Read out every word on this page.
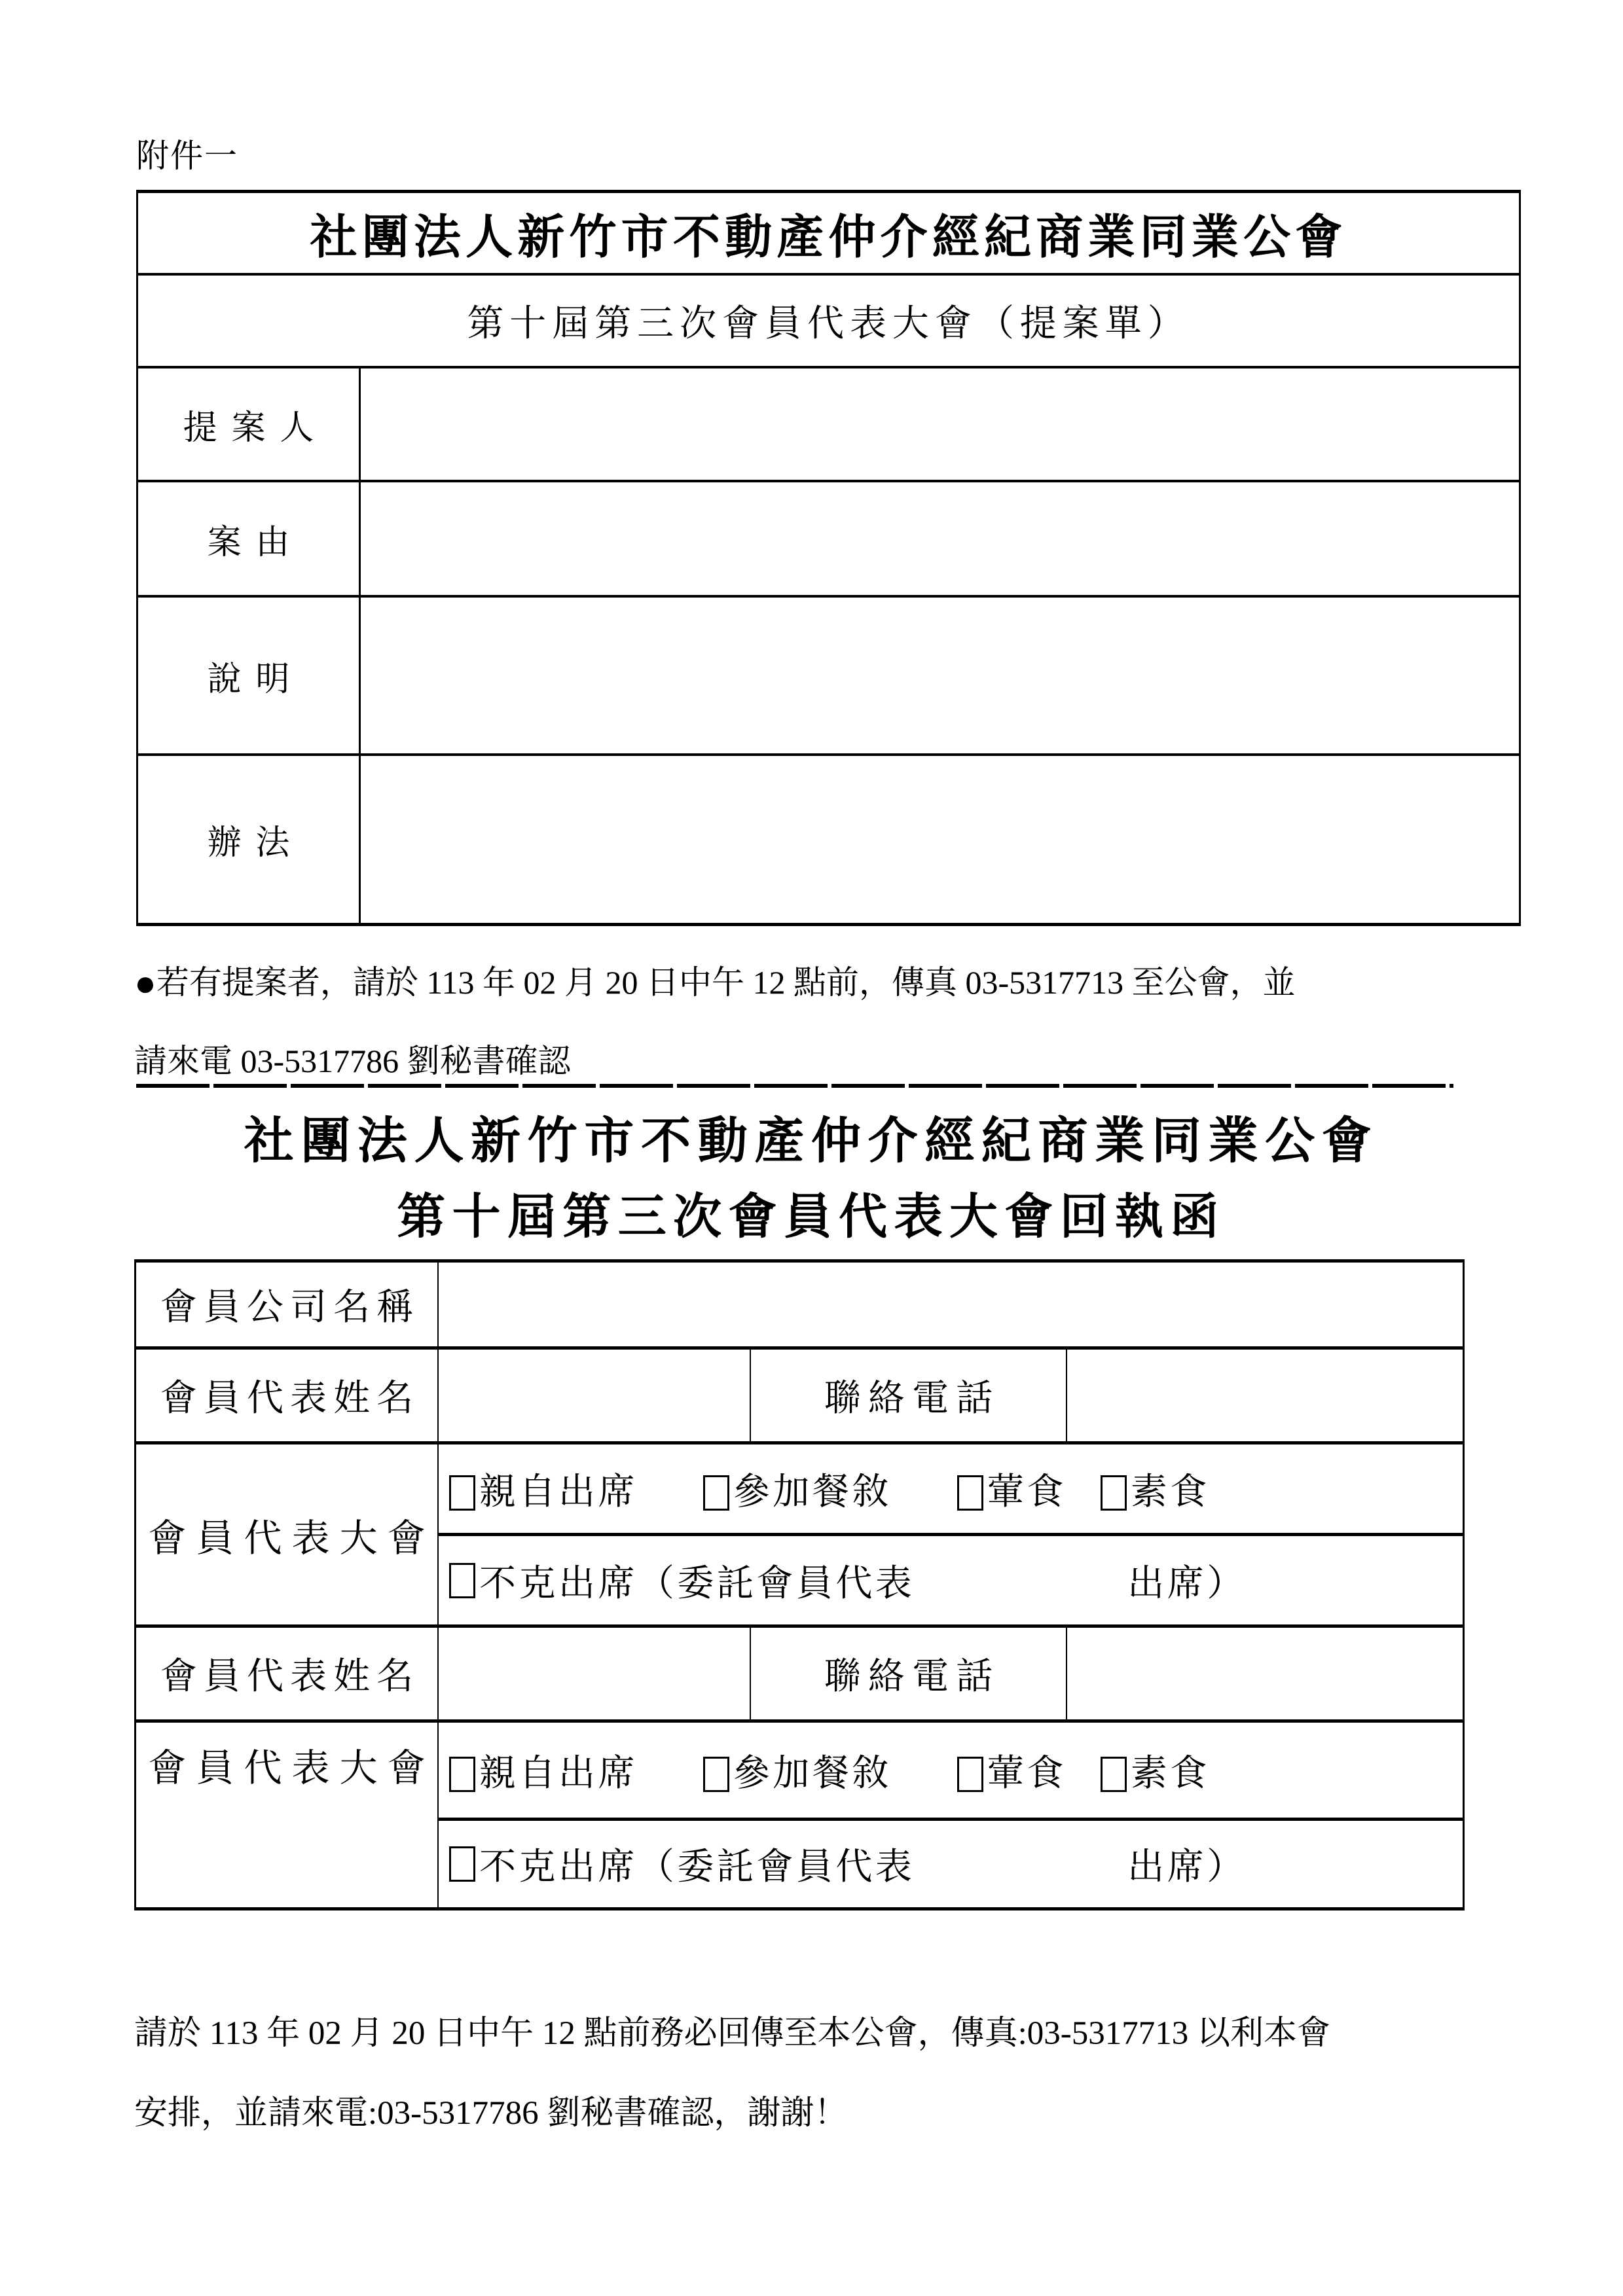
附件一
社團法人新竹市不動產仲介經紀商業同業公會
第十屆第三次會員代表大會（提案單）
提案人
案由
說明
辦法
●若有提案者，請於 113 年 02 月 20 日中午 12 點前，傳真 03-5317713 至公會，並
請來電 03-5317786 劉秘書確認
社團法人新竹市不動產仲介經紀商業同業公會
第十屆第三次會員代表大會回執函
會員公司名稱
會員代表姓名	聯絡電話
會員代表大會
親自出席	參加餐敘	葷食	素食
不克出席（委託會員代表	出席）
會員代表姓名	聯絡電話
會員代表大會	親自出席	參加餐敘	葷食	素食
不克出席（委託會員代表	出席）
請於 113 年 02 月 20 日中午 12 點前務必回傳至本公會，傳真:03-5317713 以利本會
安排，並請來電:03-5317786 劉秘書確認，謝謝！
